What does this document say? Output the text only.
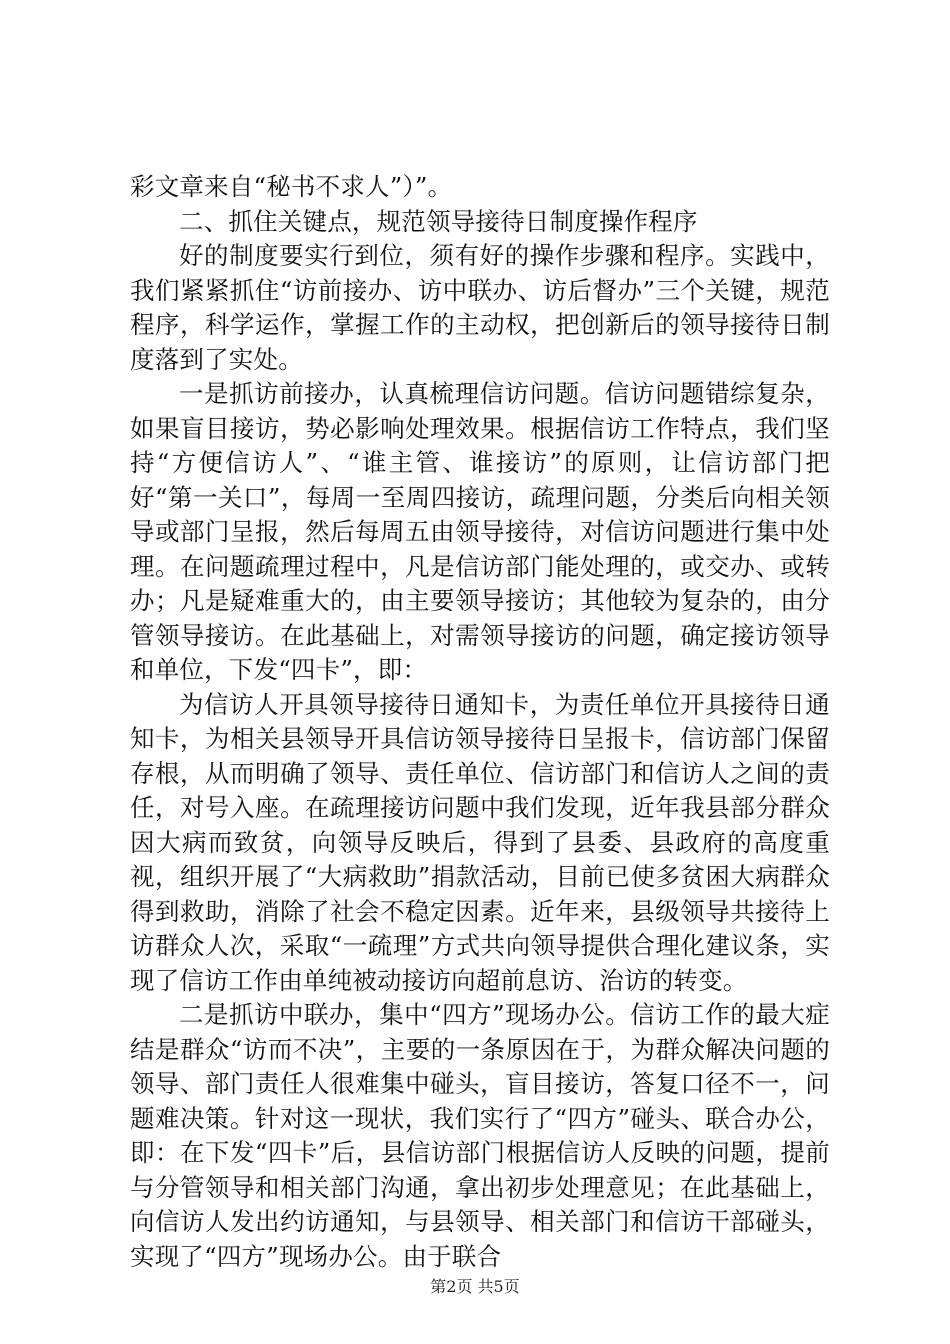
彩文章来自“秘书不求人”）”。

二、抓住关键点，规范领导接待日制度操作程序

好的制度要实行到位，须有好的操作步骤和程序。实践中，我们紧紧抓住“访前接办、访中联办、访后督办”三个关键，规范程序，科学运作，掌握工作的主动权，把创新后的领导接待日制度落到了实处。

一是抓访前接办，认真梳理信访问题。信访问题错综复杂，如果盲目接访，势必影响处理效果。根据信访工作特点，我们坚持“方便信访人”、“谁主管、谁接访”的原则，让信访部门把好“第一关口”，每周一至周四接访，疏理问题，分类后向相关领导或部门呈报，然后每周五由领导接待，对信访问题进行集中处理。在问题疏理过程中，凡是信访部门能处理的，或交办、或转办；凡是疑难重大的，由主要领导接访；其他较为复杂的，由分管领导接访。在此基础上，对需领导接访的问题，确定接访领导和单位，下发“四卡”，即：

为信访人开具领导接待日通知卡，为责任单位开具接待日通知卡，为相关县领导开具信访领导接待日呈报卡，信访部门保留存根，从而明确了领导、责任单位、信访部门和信访人之间的责任，对号入座。在疏理接访问题中我们发现，近年我县部分群众因大病而致贫，向领导反映后，得到了县委、县政府的高度重视，组织开展了“大病救助”捐款活动，目前已使多贫困大病群众得到救助，消除了社会不稳定因素。近年来，县级领导共接待上访群众人次，采取“一疏理”方式共向领导提供合理化建议条，实现了信访工作由单纯被动接访向超前息访、治访的转变。

二是抓访中联办，集中“四方”现场办公。信访工作的最大症结是群众“访而不决”，主要的一条原因在于，为群众解决问题的领导、部门责任人很难集中碰头，盲目接访，答复口径不一，问题难决策。针对这一现状，我们实行了“四方”碰头、联合办公，即：在下发“四卡”后，县信访部门根据信访人反映的问题，提前与分管领导和相关部门沟通，拿出初步处理意见；在此基础上，向信访人发出约访通知，与县领导、相关部门和信访干部碰头，实现了“四方”现场办公。由于联合

第2页 共5页
